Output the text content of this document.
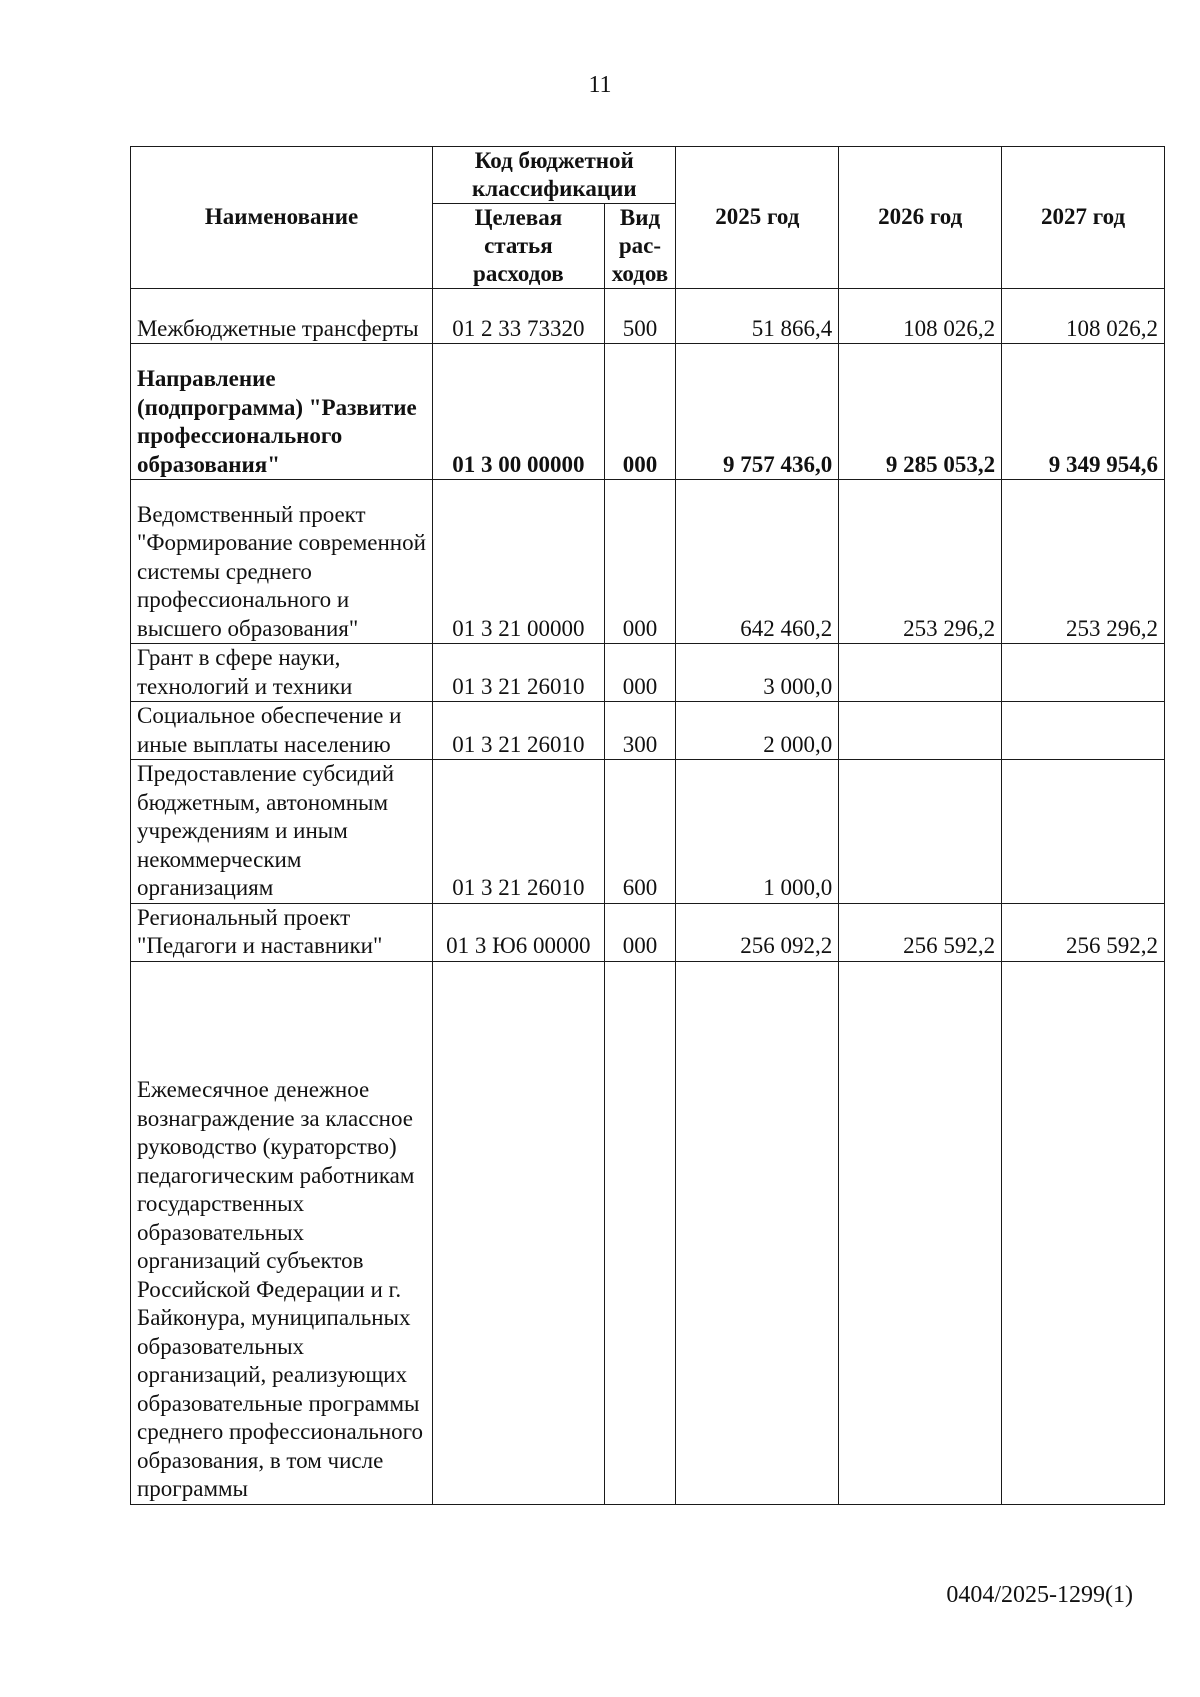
11
Наименование	Код бюджетной классификации		2025 год	2026 год	2027 год
	Целевая статья расходов	Вид рас-ходов			
Межбюджетные трансферты	01 2 33 73320	500	51 866,4	108 026,2	108 026,2
Направление (подпрограмма) "Развитие профессионального образования"	01 3 00 00000	000	9 757 436,0	9 285 053,2	9 349 954,6
Ведомственный проект "Формирование современной системы среднего профессионального и высшего образования"	01 3 21 00000	000	642 460,2	253 296,2	253 296,2
Грант в сфере науки, технологий и техники	01 3 21 26010	000	3 000,0		
Социальное обеспечение и иные выплаты населению	01 3 21 26010	300	2 000,0		
Предоставление субсидий бюджетным, автономным учреждениям и иным некоммерческим организациям	01 3 21 26010	600	1 000,0		
Региональный проект "Педагоги и наставники"	01 3 Ю6 00000	000	256 092,2	256 592,2	256 592,2
Ежемесячное денежное вознаграждение за классное руководство (кураторство) педагогическим работникам государственных образовательных организаций субъектов Российской Федерации и г. Байконура, муниципальных образовательных организаций, реализующих образовательные программы среднего профессионального образования, в том числе программы					
0404/2025-1299(1)
